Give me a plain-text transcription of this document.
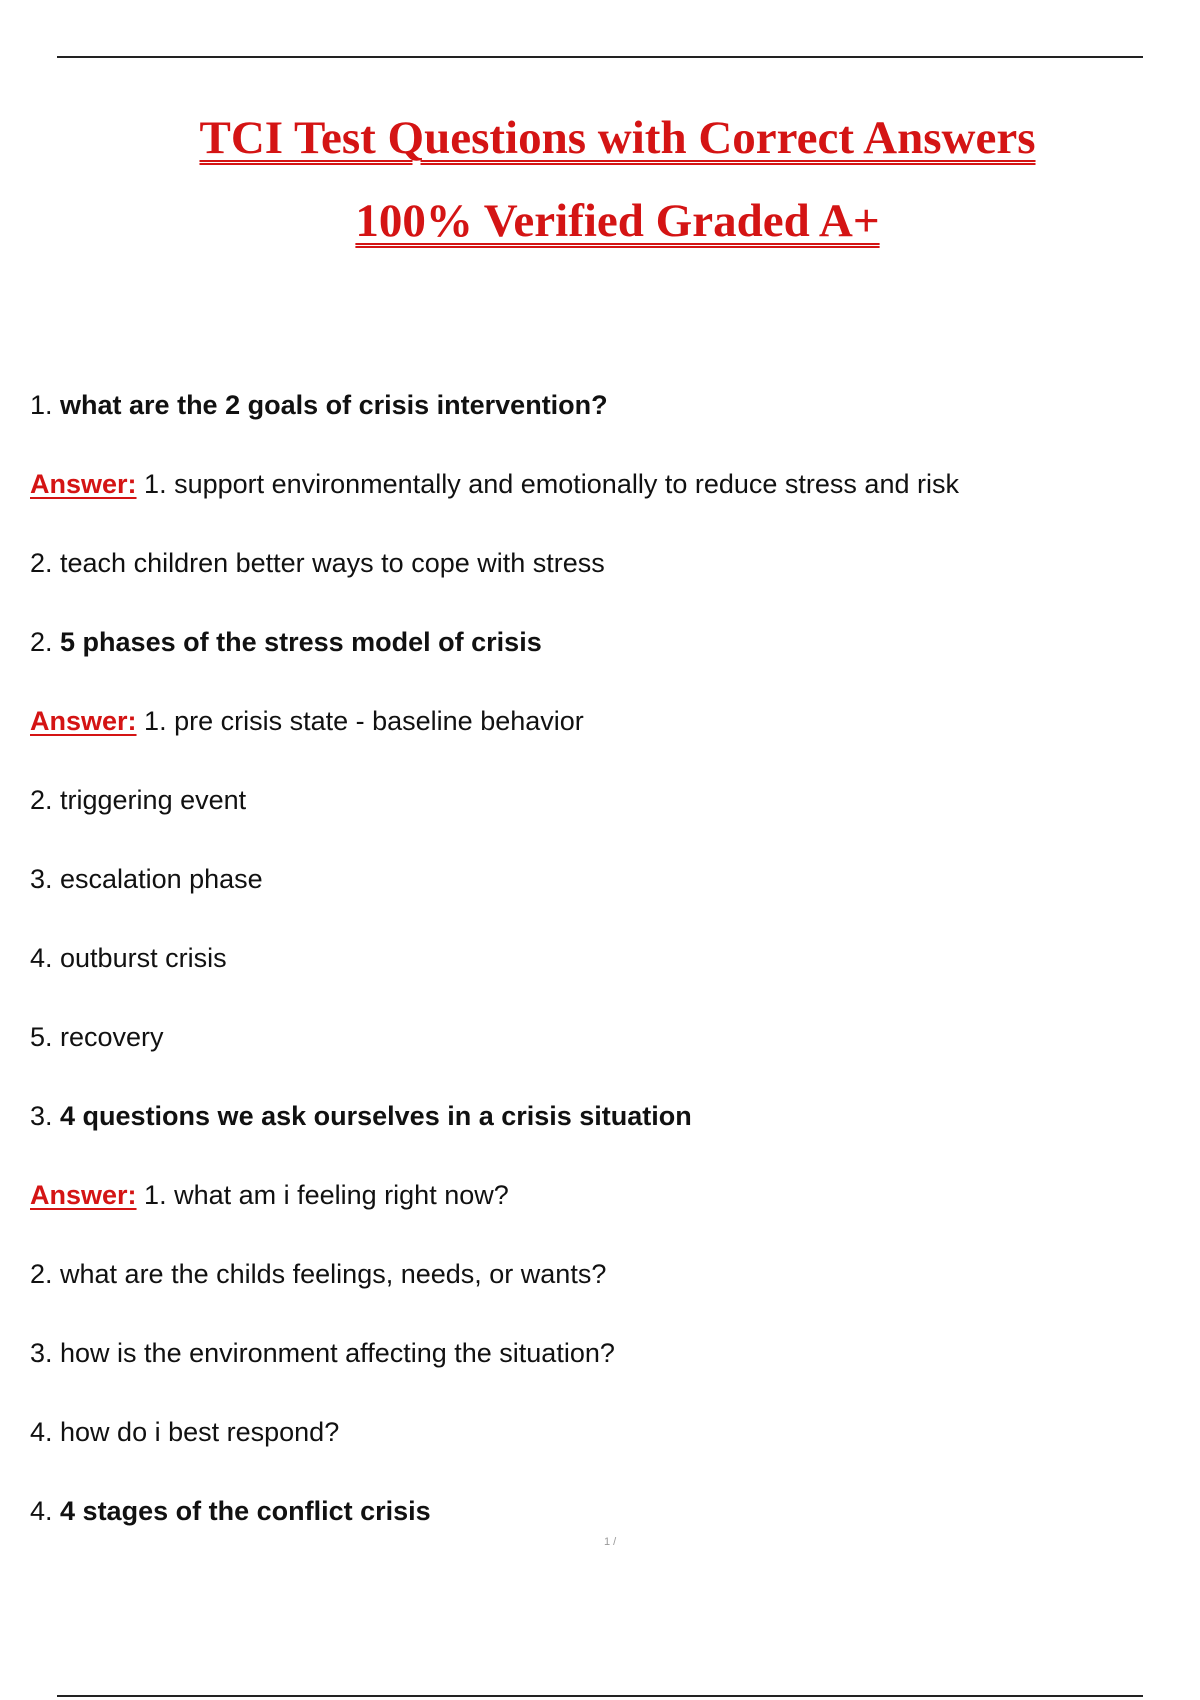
TCI Test Questions with Correct Answers
100% Verified Graded A+
1. what are the 2 goals of crisis intervention?
Answer: 1. support environmentally and emotionally to reduce stress and risk
2. teach children better ways to cope with stress
2. 5 phases of the stress model of crisis
Answer: 1. pre crisis state - baseline behavior
2. triggering event
3. escalation phase
4. outburst crisis
5. recovery
3. 4 questions we ask ourselves in a crisis situation
Answer: 1. what am i feeling right now?
2. what are the childs feelings, needs, or wants?
3. how is the environment affecting the situation?
4. how do i best respond?
4. 4 stages of the conflict crisis
1 /
